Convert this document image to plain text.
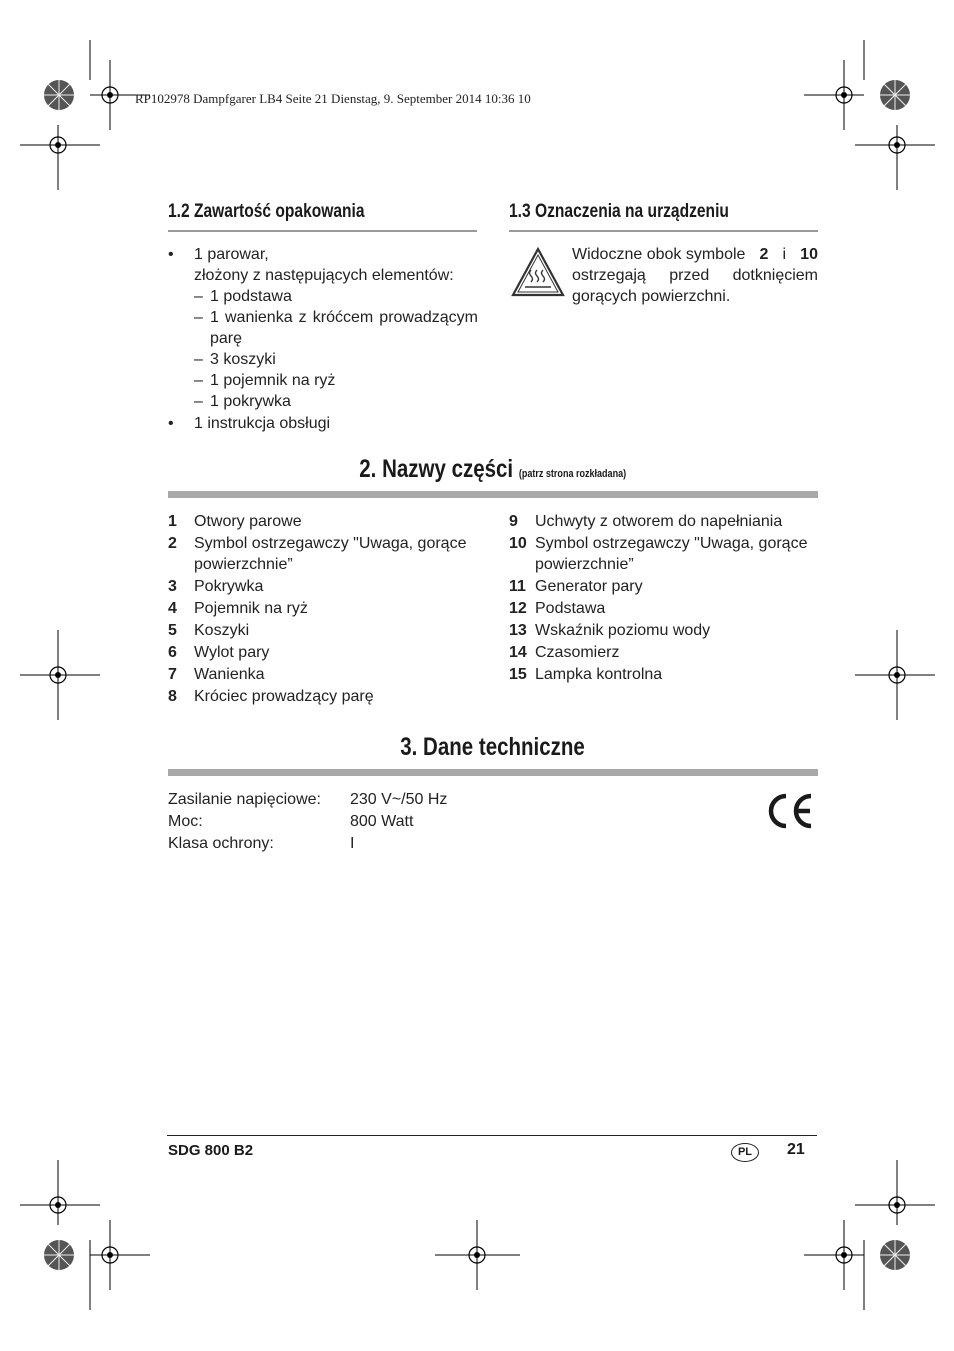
RP102978 Dampfgarer LB4 Seite 21 Dienstag, 9. September 2014 10:36 10
1.2 Zawartość opakowania
• 1 parowar,
złożony z następujących elementów:
– 1 podstawa
– 1 wanienka z króćcem prowadzącym
parę
– 3 koszyki
– 1 pojemnik na ryż
– 1 pokrywka
• 1 instrukcja obsługi
1.3 Oznaczenia na urządzeniu
Widoczne obok symbole 2 i 10
ostrzegają przed dotknięciem
gorących powierzchni.
2. Nazwy części (patrz strona rozkładana)
1 Otwory parowe
2 Symbol ostrzegawczy "Uwaga, gorące
powierzchnie”
3 Pokrywka
4 Pojemnik na ryż
5 Koszyki
6 Wylot pary
7 Wanienka
8 Króciec prowadzący parę
9 Uchwyty z otworem do napełniania
10 Symbol ostrzegawczy "Uwaga, gorące
powierzchnie”
11 Generator pary
12 Podstawa
13 Wskaźnik poziomu wody
14 Czasomierz
15 Lampka kontrolna
3. Dane techniczne
Zasilanie napięciowe: 230 V~/50 Hz
Moc:	800 Watt
Klasa ochrony:	I
SDG 800 B2	PL	21
